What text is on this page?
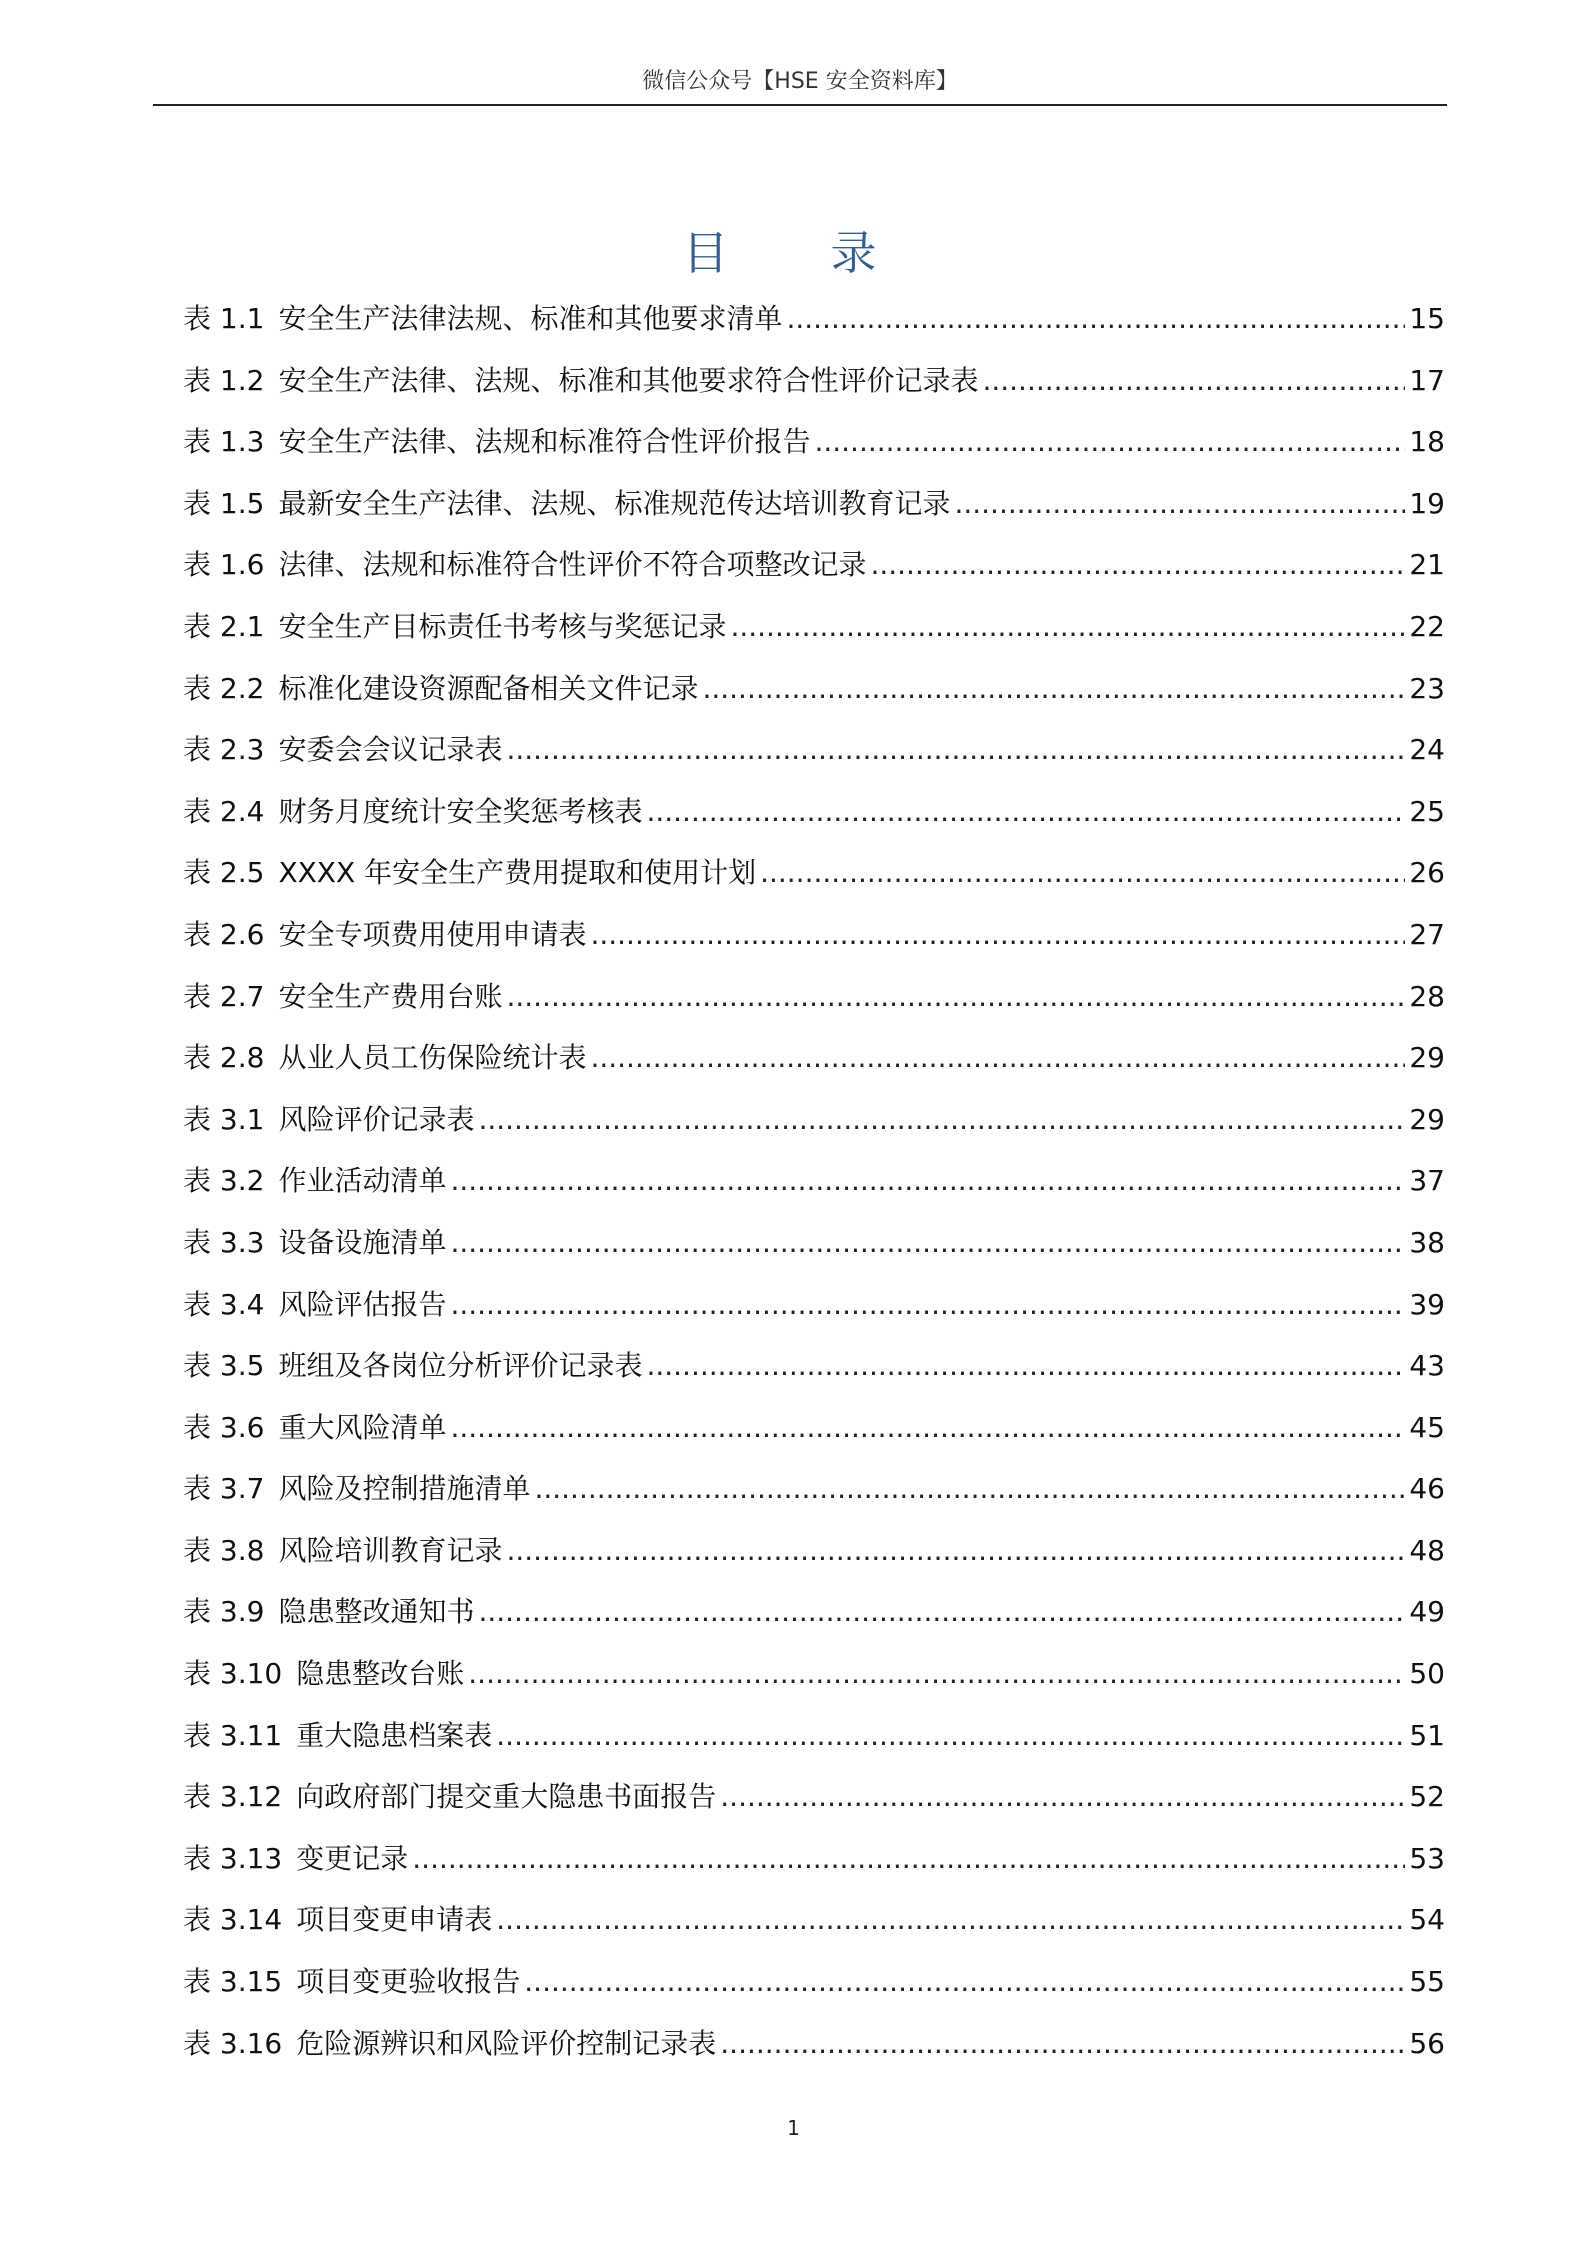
微信公众号【HSE 安全资料库】
目　录
表 1.1 安全生产法律法规、标准和其他要求清单 .....	15
表 1.2 安全生产法律、法规、标准和其他要求符合性评价记录表 .....	17
表 1.3 安全生产法律、法规和标准符合性评价报告 .....	18
表 1.5 最新安全生产法律、法规、标准规范传达培训教育记录 .....	19
表 1.6 法律、法规和标准符合性评价不符合项整改记录 .....	21
表 2.1 安全生产目标责任书考核与奖惩记录 .....	22
表 2.2 标准化建设资源配备相关文件记录 .....	23
表 2.3 安委会会议记录表 .....	24
表 2.4 财务月度统计安全奖惩考核表 .....	25
表 2.5 XXXX 年安全生产费用提取和使用计划 .....	26
表 2.6 安全专项费用使用申请表 .....	27
表 2.7 安全生产费用台账 .....	28
表 2.8 从业人员工伤保险统计表 .....	29
表 3.1 风险评价记录表 .....	29
表 3.2 作业活动清单 .....	37
表 3.3 设备设施清单 .....	38
表 3.4 风险评估报告 .....	39
表 3.5 班组及各岗位分析评价记录表 .....	43
表 3.6 重大风险清单 .....	45
表 3.7 风险及控制措施清单 .....	46
表 3.8 风险培训教育记录 .....	48
表 3.9 隐患整改通知书 .....	49
表 3.10 隐患整改台账 .....	50
表 3.11 重大隐患档案表 .....	51
表 3.12 向政府部门提交重大隐患书面报告 .....	52
表 3.13 变更记录 .....	53
表 3.14 项目变更申请表 .....	54
表 3.15 项目变更验收报告 .....	55
表 3.16 危险源辨识和风险评价控制记录表 .....	56
1
